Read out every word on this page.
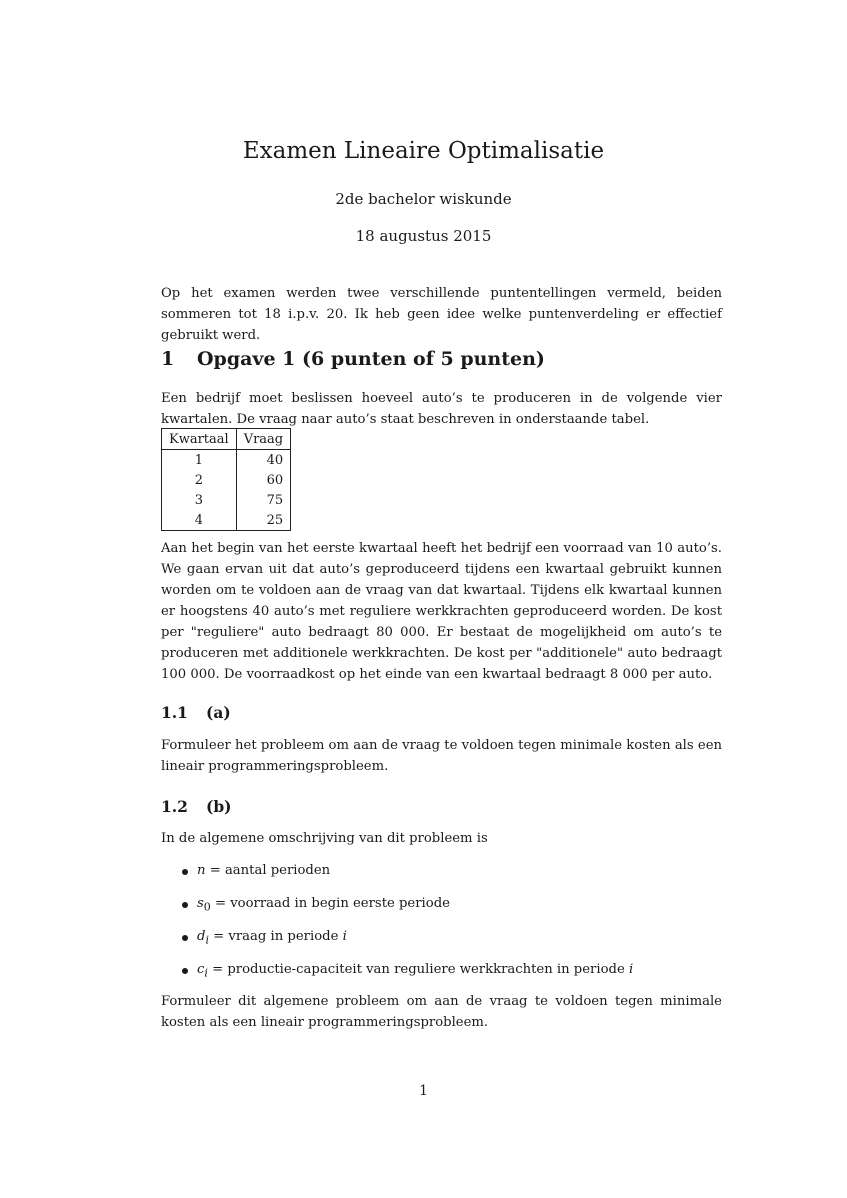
Examen Lineaire Optimalisatie
2de bachelor wiskunde
18 augustus 2015
Op het examen werden twee verschillende puntentellingen vermeld, beiden sommeren tot 18 i.p.v. 20. Ik heb geen idee welke puntenverdeling er effectief gebruikt werd.
1 Opgave 1 (6 punten of 5 punten)
Een bedrijf moet beslissen hoeveel auto’s te produceren in de volgende vier kwartalen. De vraag naar auto’s staat beschreven in onderstaande tabel.
Kwartaal	Vraag
1	40
2	60
3	75
4	25
Aan het begin van het eerste kwartaal heeft het bedrijf een voorraad van 10 auto’s. We gaan ervan uit dat auto’s geproduceerd tijdens een kwartaal gebruikt kunnen worden om te voldoen aan de vraag van dat kwartaal. Tijdens elk kwartaal kunnen er hoogstens 40 auto’s met reguliere werkkrachten geproduceerd worden. De kost per "reguliere" auto bedraagt 80 000. Er bestaat de mogelijkheid om auto’s te produceren met additionele werkkrachten. De kost per "additionele" auto bedraagt 100 000. De voorraadkost op het einde van een kwartaal bedraagt 8 000 per auto.
1.1 (a)
Formuleer het probleem om aan de vraag te voldoen tegen minimale kosten als een lineair programmeringsprobleem.
1.2 (b)
In de algemene omschrijving van dit probleem is
n = aantal perioden
$s_0$ = voorraad in begin eerste periode
$d_i$ = vraag in periode i
$c_i$ = productie-capaciteit van reguliere werkkrachten in periode i
Formuleer dit algemene probleem om aan de vraag te voldoen tegen minimale kosten als een lineair programmeringsprobleem.
1
